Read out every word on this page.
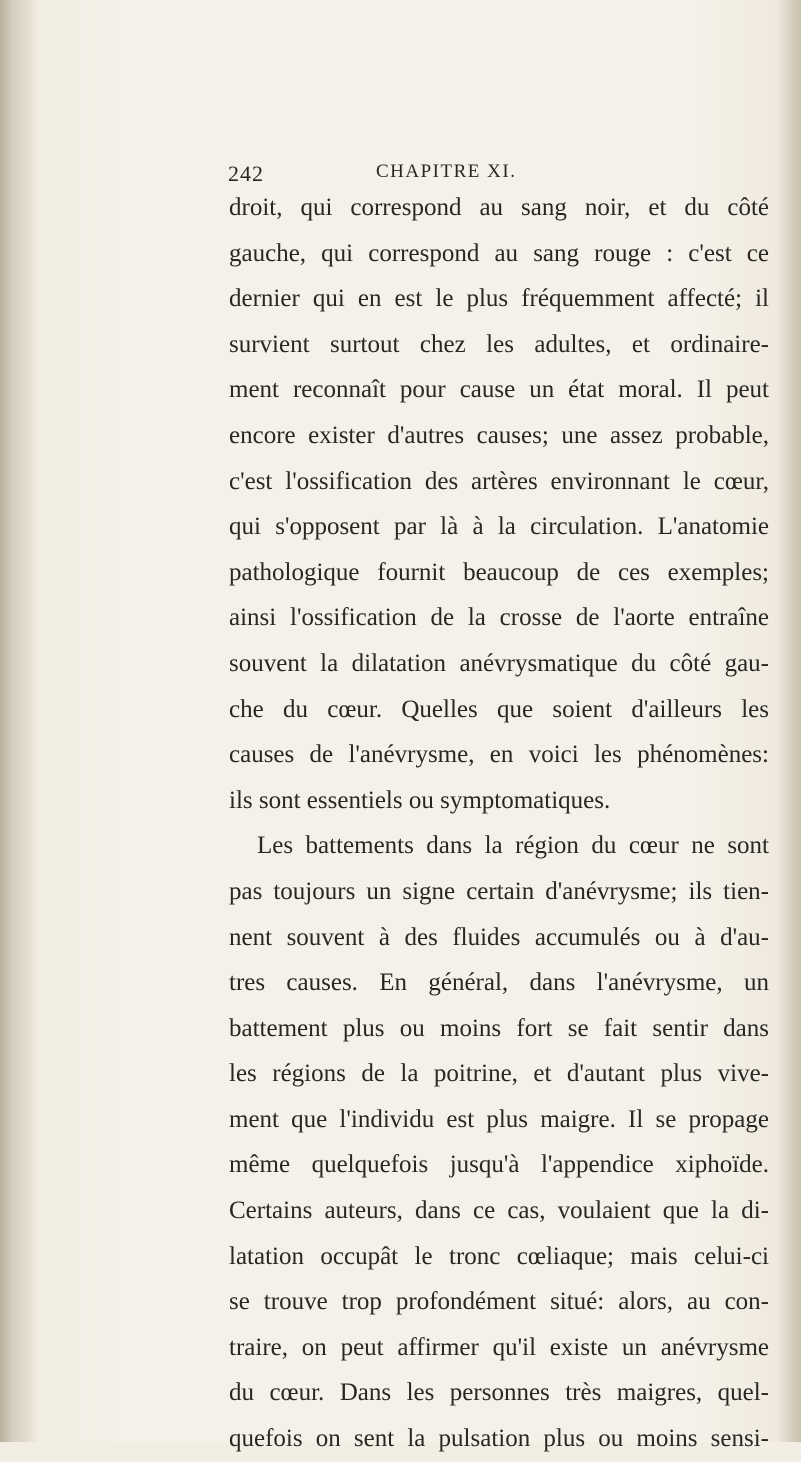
242	CHAPITRE XI.
droit, qui correspond au sang noir, et du côté
gauche, qui correspond au sang rouge : c'est ce
dernier qui en est le plus fréquemment affecté; il
survient surtout chez les adultes, et ordinaire-
ment reconnaît pour cause un état moral. Il peut
encore exister d'autres causes; une assez probable,
c'est l'ossification des artères environnant le cœur,
qui s'opposent par là à la circulation. L'anatomie
pathologique fournit beaucoup de ces exemples;
ainsi l'ossification de la crosse de l'aorte entraîne
souvent la dilatation anévrysmatique du côté gau-
che du cœur. Quelles que soient d'ailleurs les
causes de l'anévrysme, en voici les phénomènes:
ils sont essentiels ou symptomatiques.
Les battements dans la région du cœur ne sont
pas toujours un signe certain d'anévrysme; ils tien-
nent souvent à des fluides accumulés ou à d'au-
tres causes. En général, dans l'anévrysme, un
battement plus ou moins fort se fait sentir dans
les régions de la poitrine, et d'autant plus vive-
ment que l'individu est plus maigre. Il se propage
même quelquefois jusqu'à l'appendice xiphoïde.
Certains auteurs, dans ce cas, voulaient que la di-
latation occupât le tronc cœliaque; mais celui-ci
se trouve trop profondément situé: alors, au con-
traire, on peut affirmer qu'il existe un anévrysme
du cœur. Dans les personnes très maigres, quel-
quefois on sent la pulsation plus ou moins sensi-
